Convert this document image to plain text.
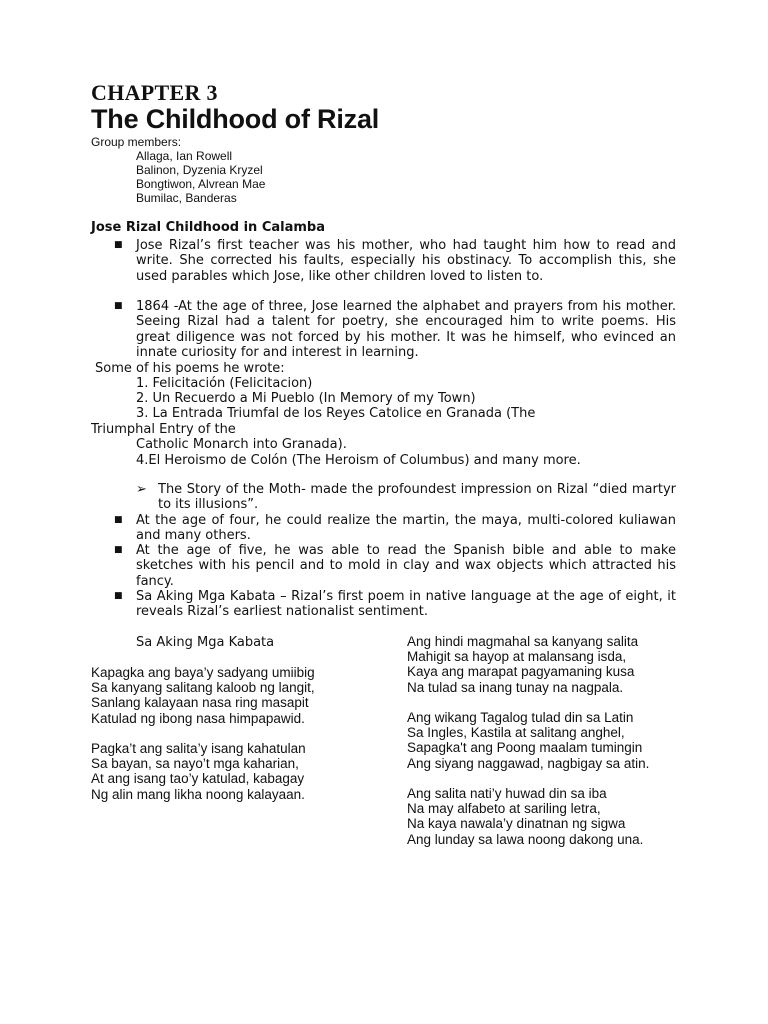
CHAPTER 3
The Childhood of Rizal
Group members:
Allaga, Ian Rowell
Balinon, Dyzenia Kryzel
Bongtiwon, Alvrean Mae
Bumilac, Banderas
Jose Rizal Childhood in Calamba
■ Jose Rizal’s first teacher was his mother, who had taught him how to read and write. She corrected his faults, especially his obstinacy. To accomplish this, she used parables which Jose, like other children loved to listen to.
■ 1864 -At the age of three, Jose learned the alphabet and prayers from his mother. Seeing Rizal had a talent for poetry, she encouraged him to write poems. His great diligence was not forced by his mother. It was he himself, who evinced an innate curiosity for and interest in learning.
Some of his poems he wrote:
1. Felicitación (Felicitacion)
2. Un Recuerdo a Mi Pueblo (In Memory of my Town)
3. La Entrada Triumfal de los Reyes Catolice en Granada (The
Triumphal Entry of the
Catholic Monarch into Granada).
4.El Heroismo de Colón (The Heroism of Columbus) and many more.
➢ The Story of the Moth- made the profoundest impression on Rizal “died martyr to its illusions”.
■ At the age of four, he could realize the martin, the maya, multi-colored kuliawan and many others.
■ At the age of five, he was able to read the Spanish bible and able to make sketches with his pencil and to mold in clay and wax objects which attracted his fancy.
■ Sa Aking Mga Kabata – Rizal’s first poem in native language at the age of eight, it reveals Rizal’s earliest nationalist sentiment.
Sa Aking Mga Kabata
Kapagka ang baya’y sadyang umiibig
Sa kanyang salitang kaloob ng langit,
Sanlang kalayaan nasa ring masapit
Katulad ng ibong nasa himpapawid.
Pagka’t ang salita’y isang kahatulan
Sa bayan, sa nayo’t mga kaharian,
At ang isang tao’y katulad, kabagay
Ng alin mang likha noong kalayaan.
Ang hindi magmahal sa kanyang salita
Mahigit sa hayop at malansang isda,
Kaya ang marapat pagyamaning kusa
Na tulad sa inang tunay na nagpala.
Ang wikang Tagalog tulad din sa Latin
Sa Ingles, Kastila at salitang anghel,
Sapagka't ang Poong maalam tumingin
Ang siyang naggawad, nagbigay sa atin.
Ang salita nati’y huwad din sa iba
Na may alfabeto at sariling letra,
Na kaya nawala’y dinatnan ng sigwa
Ang lunday sa lawa noong dakong una.
